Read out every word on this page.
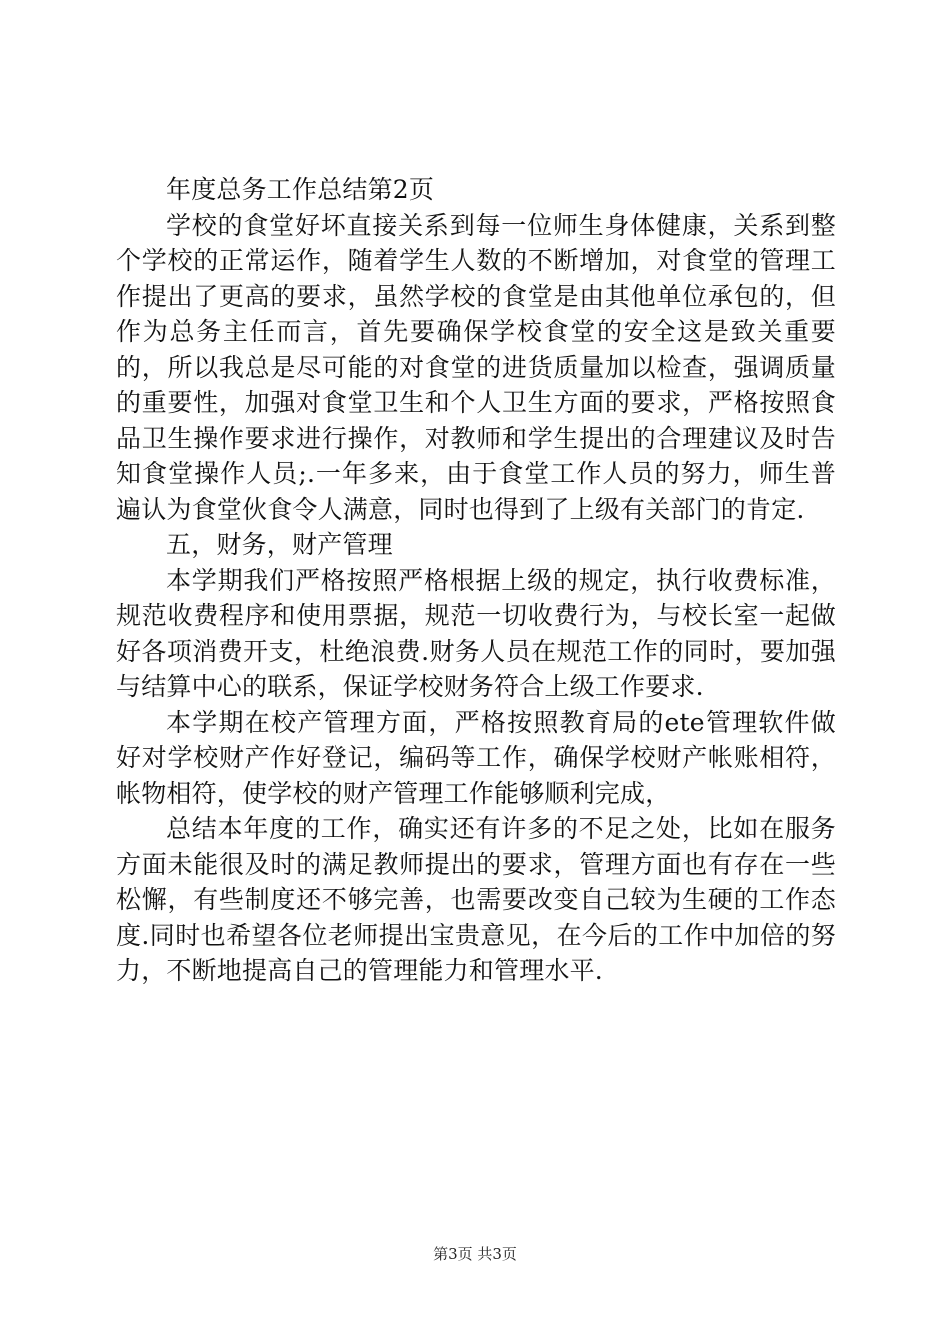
年度总务工作总结第2页

学校的食堂好坏直接关系到每一位师生身体健康，关系到整个学校的正常运作，随着学生人数的不断增加，对食堂的管理工作提出了更高的要求，虽然学校的食堂是由其他单位承包的，但作为总务主任而言，首先要确保学校食堂的安全这是致关重要的，所以我总是尽可能的对食堂的进货质量加以检查，强调质量的重要性，加强对食堂卫生和个人卫生方面的要求，严格按照食品卫生操作要求进行操作，对教师和学生提出的合理建议及时告知食堂操作人员;.一年多来，由于食堂工作人员的努力，师生普遍认为食堂伙食令人满意，同时也得到了上级有关部门的肯定.

五，财务，财产管理

本学期我们严格按照严格根据上级的规定，执行收费标准，规范收费程序和使用票据，规范一切收费行为，与校长室一起做好各项消费开支，杜绝浪费.财务人员在规范工作的同时，要加强与结算中心的联系，保证学校财务符合上级工作要求.

本学期在校产管理方面，严格按照教育局的ete管理软件做好对学校财产作好登记，编码等工作，确保学校财产帐账相符，帐物相符，使学校的财产管理工作能够顺利完成，

总结本年度的工作，确实还有许多的不足之处，比如在服务方面未能很及时的满足教师提出的要求，管理方面也有存在一些松懈，有些制度还不够完善，也需要改变自己较为生硬的工作态度.同时也希望各位老师提出宝贵意见，在今后的工作中加倍的努力，不断地提高自己的管理能力和管理水平.

第3页 共3页
